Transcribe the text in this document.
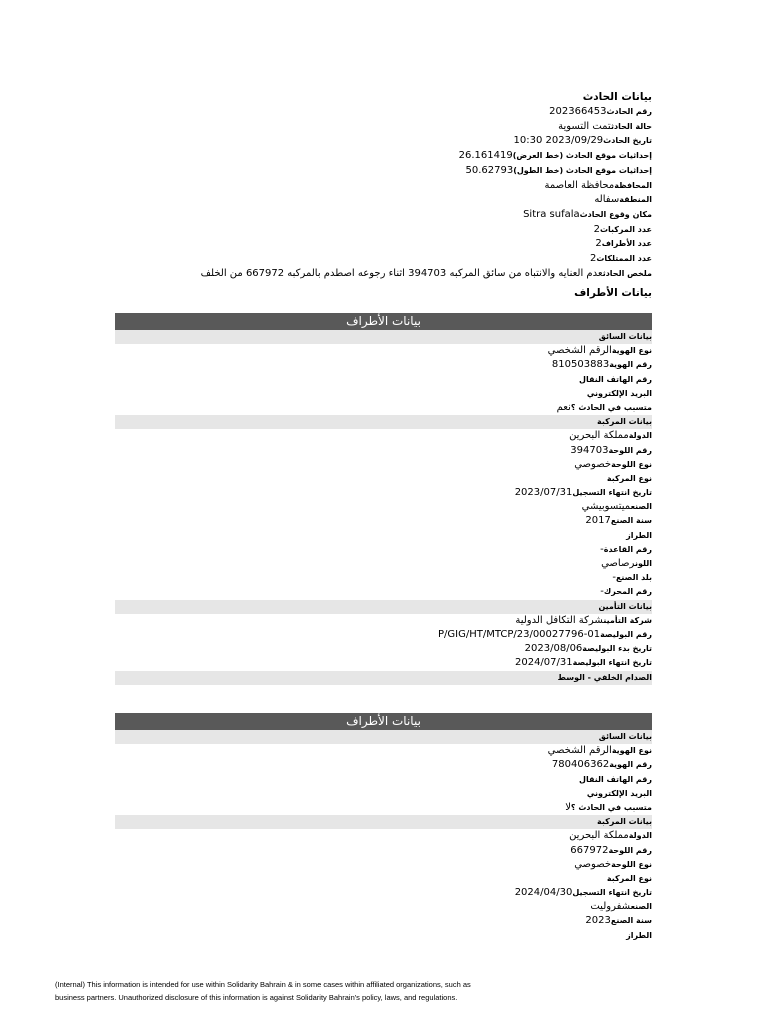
بيانات الحادث
رقم الحادث202366453
حالة الحادثتمت التسوية
تاريخ الحادث2023/09/29 10:30
إحداثيات موقع الحادث (خط العرض)26.161419
إحداثيات موقع الحادث (خط الطول)50.62793
المحافظةمحافظة العاصمة
المنطقةسفاله
مكان وقوع الحادثSitra sufala
عدد المركبات2
عدد الأطراف2
عدد الممتلكات2
ملخص الحادثعدم العنايه والانتباه من سائق المركبه 394703 اثناء رجوعه اصطدم بالمركبه 667972 من الخلف
بيانات الأطراف
بيانات الأطراف
بيانات السائق
نوع الهويةالرقم الشخصي
رقم الهوية810503883
رقم الهاتف النقال
البريد الإلكتروني
متسبب في الحادث ؟نعم
بيانات المركبة
الدولةمملكة البحرين
رقم اللوحة394703
نوع اللوحةخصوصي
نوع المركبة
تاريخ انتهاء التسجيل2023/07/31
الصنعميتسوبيشي
سنة الصنع2017
الطراز
رقم القاعدة-
اللونرصاصي
بلد الصنع-
رقم المحرك-
بيانات التأمين
شركة التأمينشركة التكافل الدولية
رقم البوليصةP/GIG/HT/MTCP/23/00027796-01
تاريخ بدء البوليصة2023/08/06
تاريخ انتهاء البوليصة2024/07/31
الصدام الخلفي - الوسط
بيانات الأطراف
بيانات السائق
نوع الهويةالرقم الشخصي
رقم الهوية780406362
رقم الهاتف النقال
البريد الإلكتروني
متسبب في الحادث ؟لا
بيانات المركبة
الدولةمملكة البحرين
رقم اللوحة667972
نوع اللوحةخصوصي
نوع المركبة
تاريخ انتهاء التسجيل2024/04/30
الصنعشفروليت
سنة الصنع2023
الطراز
(Internal) This information is intended for use within Solidarity Bahrain & in some cases within affiliated organizations, such as
business partners. Unauthorized disclosure of this information is against Solidarity Bahrain's policy, laws, and regulations.
